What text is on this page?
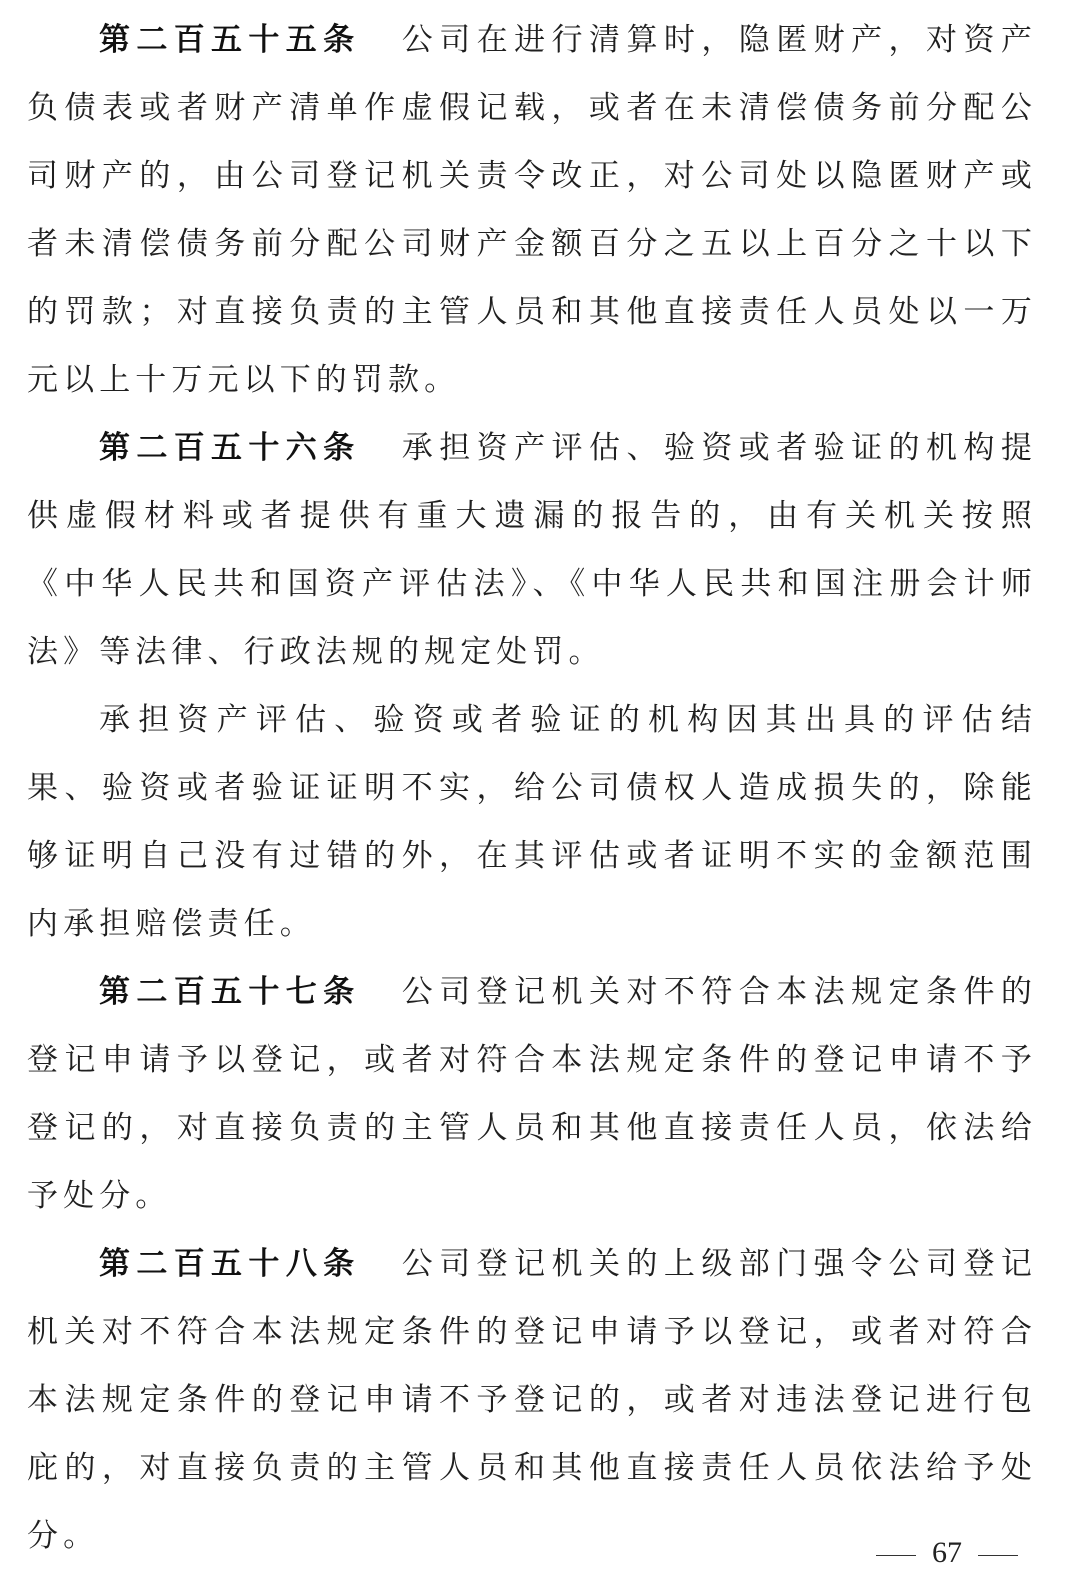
第二百五十五条 公司在进行清算时，隐匿财产，对资产负债表或者财产清单作虚假记载，或者在未清偿债务前分配公司财产的，由公司登记机关责令改正，对公司处以隐匿财产或者未清偿债务前分配公司财产金额百分之五以上百分之十以下的罚款；对直接负责的主管人员和其他直接责任人员处以一万元以上十万元以下的罚款。

第二百五十六条 承担资产评估、验资或者验证的机构提供虚假材料或者提供有重大遗漏的报告的，由有关机关按照《中华人民共和国资产评估法》、《中华人民共和国注册会计师法》等法律、行政法规的规定处罚。

承担资产评估、验资或者验证的机构因其出具的评估结果、验资或者验证证明不实，给公司债权人造成损失的，除能够证明自己没有过错的外，在其评估或者证明不实的金额范围内承担赔偿责任。

第二百五十七条 公司登记机关对不符合本法规定条件的登记申请予以登记，或者对符合本法规定条件的登记申请不予登记的，对直接负责的主管人员和其他直接责任人员，依法给予处分。

第二百五十八条 公司登记机关的上级部门强令公司登记机关对不符合本法规定条件的登记申请予以登记，或者对符合本法规定条件的登记申请不予登记的，或者对违法登记进行包庇的，对直接负责的主管人员和其他直接责任人员依法给予处分。	67
